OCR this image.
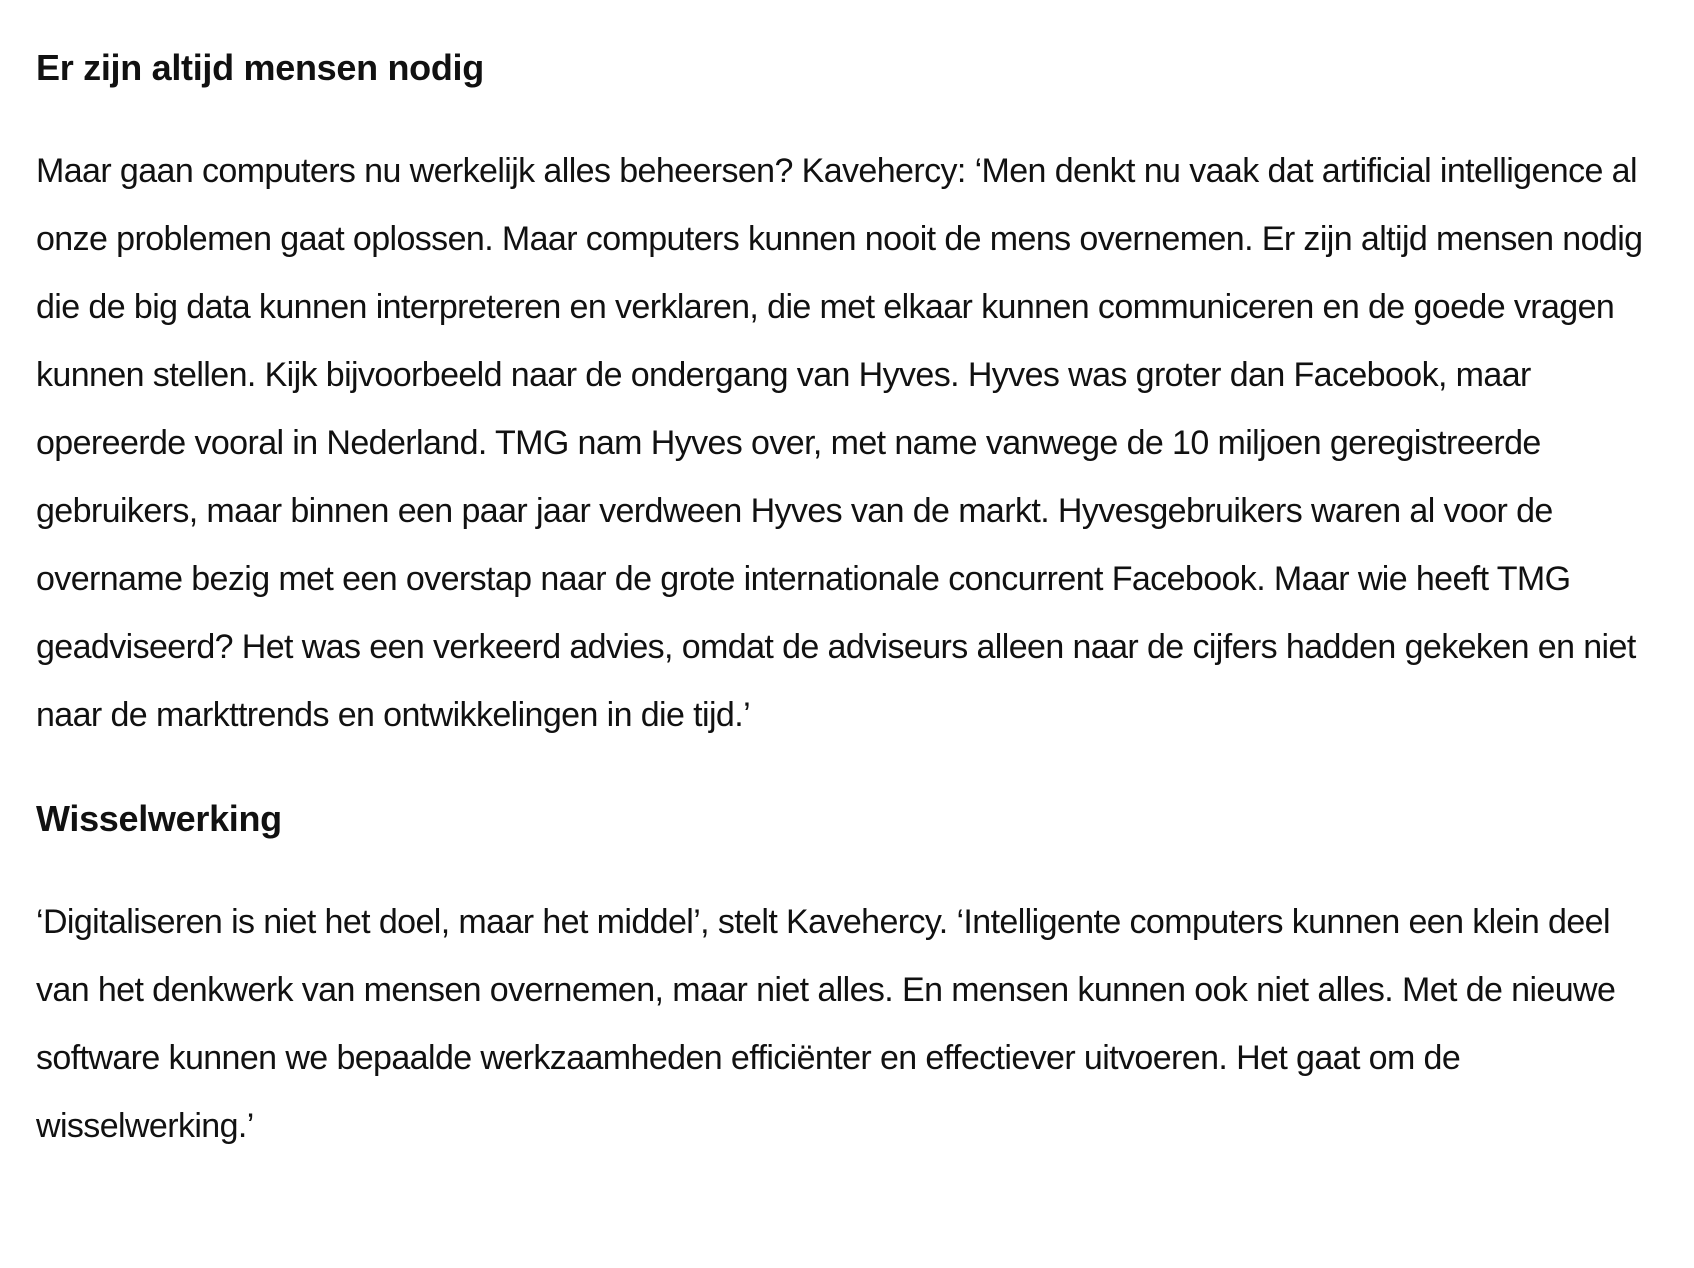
Er zijn altijd mensen nodig

Maar gaan computers nu werkelijk alles beheersen? Kavehercy: ‘Men denkt nu vaak dat artificial intelligence al onze problemen gaat oplossen. Maar computers kunnen nooit de mens overnemen. Er zijn altijd mensen nodig die de big data kunnen interpreteren en verklaren, die met elkaar kunnen communiceren en de goede vragen kunnen stellen. Kijk bijvoorbeeld naar de ondergang van Hyves. Hyves was groter dan Facebook, maar opereerde vooral in Nederland. TMG nam Hyves over, met name vanwege de 10 miljoen geregistreerde gebruikers, maar binnen een paar jaar verdween Hyves van de markt. Hyvesgebruikers waren al voor de overname bezig met een overstap naar de grote internationale concurrent Facebook. Maar wie heeft TMG geadviseerd? Het was een verkeerd advies, omdat de adviseurs alleen naar de cijfers hadden gekeken en niet naar de markttrends en ontwikkelingen in die tijd.’

Wisselwerking

‘Digitaliseren is niet het doel, maar het middel’, stelt Kavehercy. ‘Intelligente computers kunnen een klein deel van het denkwerk van mensen overnemen, maar niet alles. En mensen kunnen ook niet alles. Met de nieuwe software kunnen we bepaalde werkzaamheden efficiënter en effectiever uitvoeren. Het gaat om de wisselwerking.’
